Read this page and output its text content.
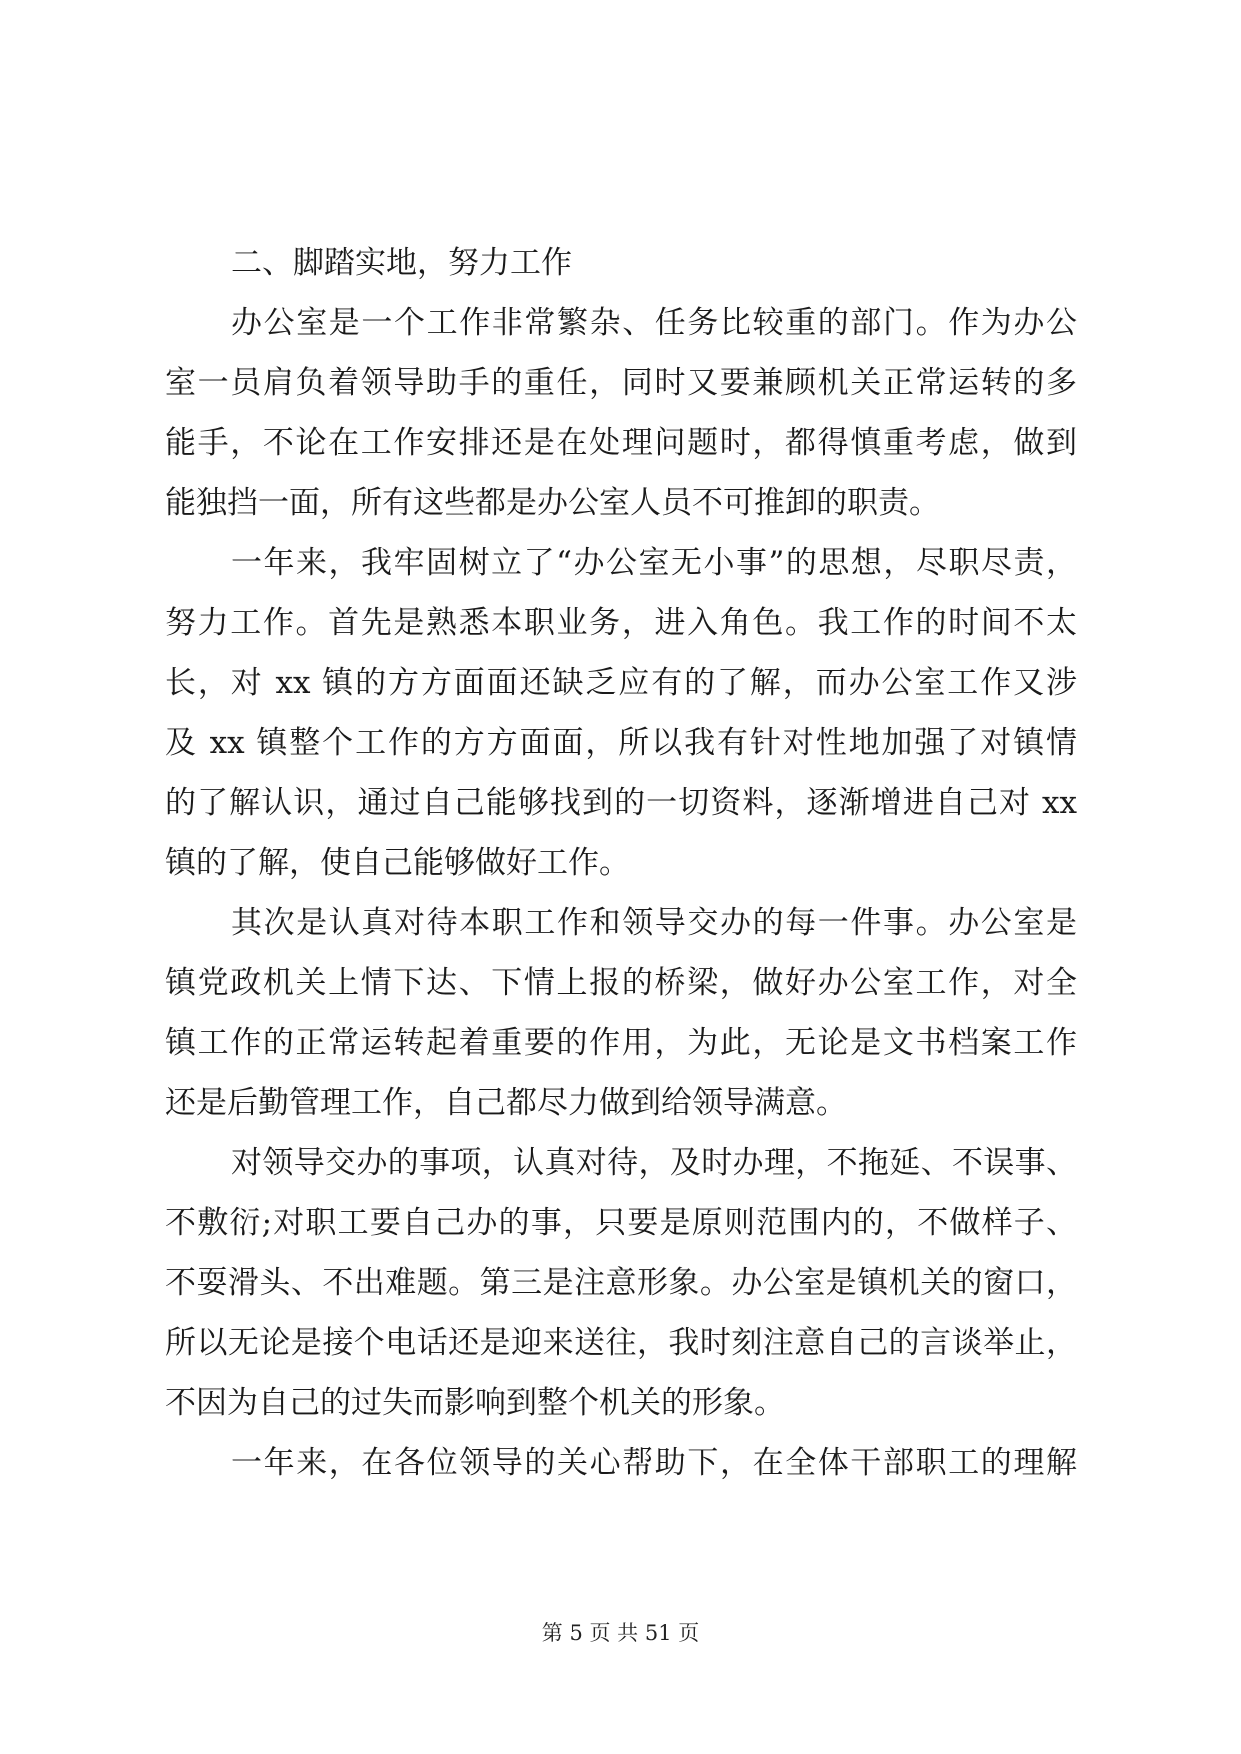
二、脚踏实地，努力工作
办公室是一个工作非常繁杂、任务比较重的部门。作为办公
室一员肩负着领导助手的重任，同时又要兼顾机关正常运转的多
能手，不论在工作安排还是在处理问题时，都得慎重考虑，做到
能独挡一面，所有这些都是办公室人员不可推卸的职责。
一年来，我牢固树立了“办公室无小事”的思想，尽职尽责，
努力工作。首先是熟悉本职业务，进入角色。我工作的时间不太
长，对 xx 镇的方方面面还缺乏应有的了解，而办公室工作又涉
及 xx 镇整个工作的方方面面，所以我有针对性地加强了对镇情
的了解认识，通过自己能够找到的一切资料，逐渐增进自己对 xx
镇的了解，使自己能够做好工作。
其次是认真对待本职工作和领导交办的每一件事。办公室是
镇党政机关上情下达、下情上报的桥梁，做好办公室工作，对全
镇工作的正常运转起着重要的作用，为此，无论是文书档案工作
还是后勤管理工作，自己都尽力做到给领导满意。
对领导交办的事项，认真对待，及时办理，不拖延、不误事、
不敷衍;对职工要自己办的事，只要是原则范围内的，不做样子、
不耍滑头、不出难题。第三是注意形象。办公室是镇机关的窗口，
所以无论是接个电话还是迎来送往，我时刻注意自己的言谈举止，
不因为自己的过失而影响到整个机关的形象。
一年来，在各位领导的关心帮助下，在全体干部职工的理解
第 5 页 共 51 页
